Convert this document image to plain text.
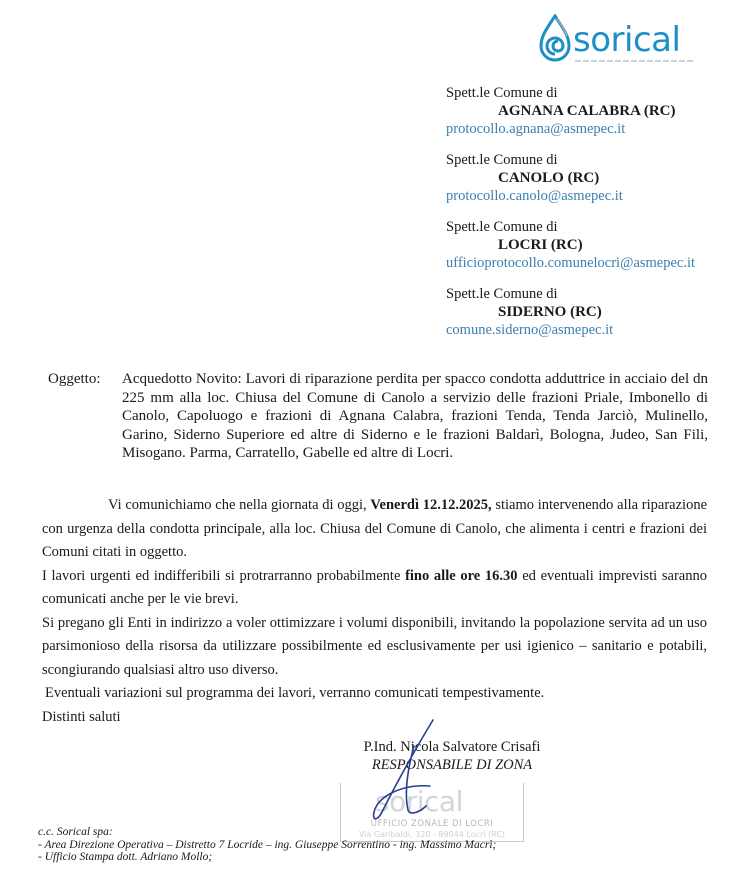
sorical
Spett.le Comune di
AGNANA CALABRA (RC)
protocollo.agnana@asmepec.it
Spett.le Comune di
CANOLO (RC)
protocollo.canolo@asmepec.it
Spett.le Comune di
LOCRI (RC)
ufficioprotocollo.comunelocri@asmepec.it
Spett.le Comune di
SIDERNO (RC)
comune.siderno@asmepec.it
Oggetto: Acquedotto Novito: Lavori di riparazione perdita per spacco condotta adduttrice in acciaio del dn 225 mm alla loc. Chiusa del Comune di Canolo a servizio delle frazioni Priale, Imbonello di Canolo, Capoluogo e frazioni di Agnana Calabra, frazioni Tenda, Tenda Jarciò, Mulinello, Garino, Siderno Superiore ed altre di Siderno e le frazioni Baldarì, Bologna, Judeo, San Fili, Misogano. Parma, Carratello, Gabelle ed altre di Locri.

Vi comunichiamo che nella giornata di oggi, Venerdì 12.12.2025, stiamo intervenendo alla riparazione con urgenza della condotta principale, alla loc. Chiusa del Comune di Canolo, che alimenta i centri e frazioni dei Comuni citati in oggetto.

I lavori urgenti ed indifferibili si protrarranno probabilmente fino alle ore 16.30 ed eventuali imprevisti saranno comunicati anche per le vie brevi.

Si pregano gli Enti in indirizzo a voler ottimizzare i volumi disponibili, invitando la popolazione servita ad un uso parsimonioso della risorsa da utilizzare possibilmente ed esclusivamente per usi igienico – sanitario e potabili, scongiurando qualsiasi altro uso diverso.

Eventuali variazioni sul programma dei lavori, verranno comunicati tempestivamente.

Distinti saluti

sorical
UFFICIO ZONALE DI LOCRI
Via Garibaldi, 320 - 89044 Locri (RC)
P.Ind. Nicola Salvatore Crisafi
RESPONSABILE DI ZONA
c.c. Sorical spa:
- Area Direzione Operativa – Distretto 7 Locride – ing. Giuseppe Sorrentino - ing. Massimo Macrì;
- Ufficio Stampa dott. Adriano Mollo;
